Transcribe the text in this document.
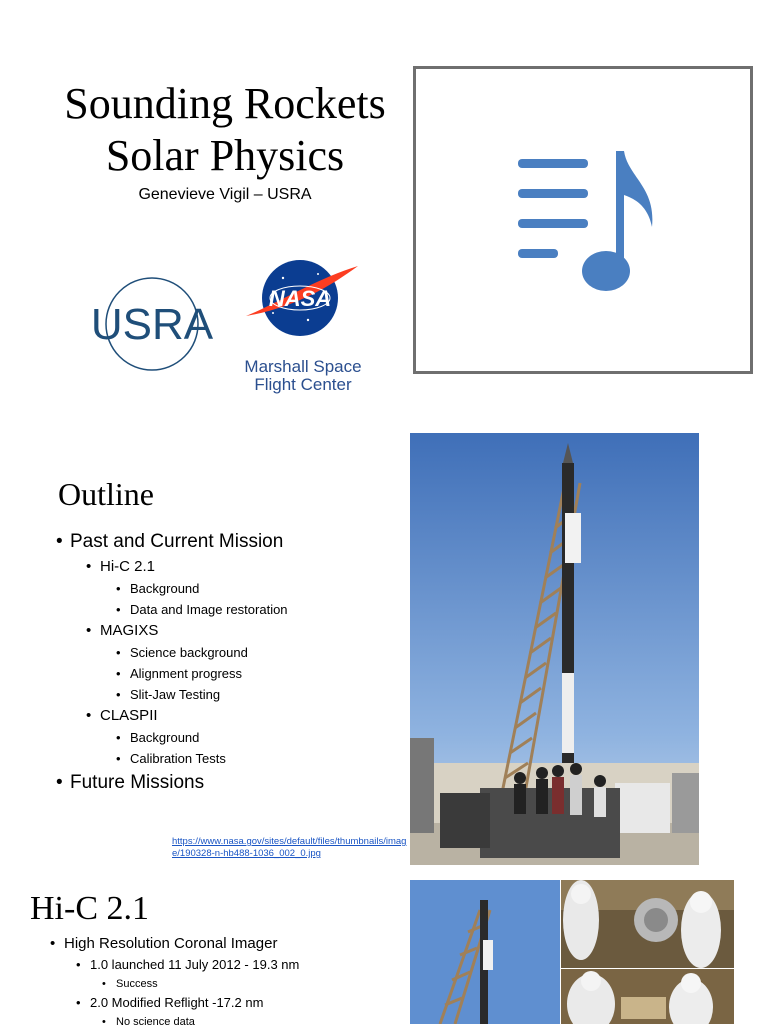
Sounding Rockets
Solar Physics
Genevieve Vigil – USRA
USRA
NASA
Marshall Space
Flight Center
Outline
• Past and Current Mission
• Hi-C 2.1
• Background
• Data and Image restoration
• MAGIXS
• Science background
• Alignment progress
• Slit-Jaw Testing
• CLASPII
• Background
• Calibration Tests
• Future Missions
https://www.nasa.gov/sites/default/files/thumbnails/image/190328-n-hb488-1036_002_0.jpg
Hi-C 2.1
• High Resolution Coronal Imager
• 1.0 launched 11 July 2012 - 19.3 nm
• Success
• 2.0 Modified Reflight -17.2 nm
• No science data
